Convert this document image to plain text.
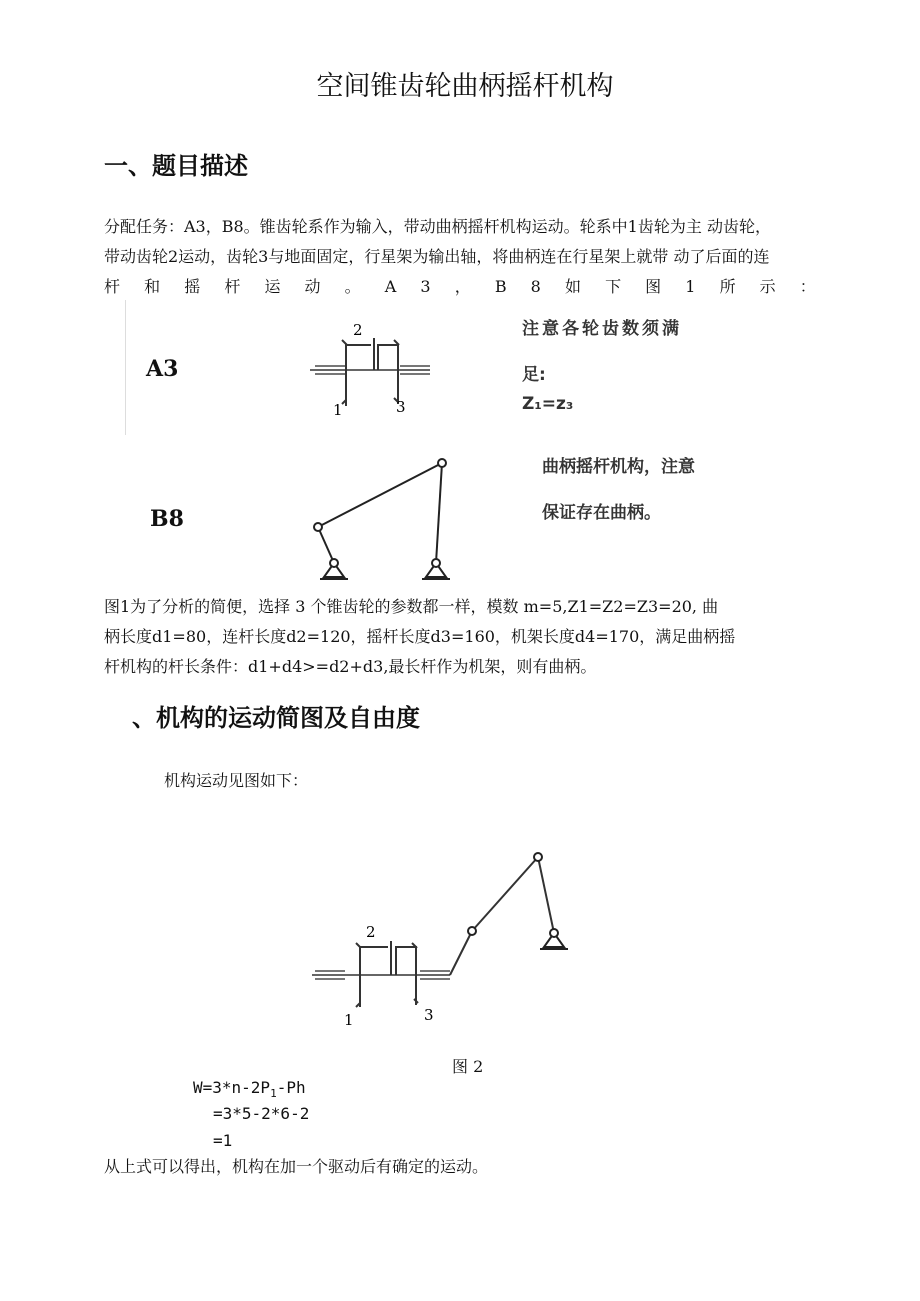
空间锥齿轮曲柄摇杆机构
一、题目描述
分配任务：A3，B8。锥齿轮系作为输入，带动曲柄摇杆机构运动。轮系中1齿轮为主 动齿轮，
带动齿轮2运动，齿轮3与地面固定，行星架为输出轴，将曲柄连在行星架上就带 动了后面的连
杆 和 摇 杆 运 动 。 A 3 ， B 8 如 下 图 1 所 示 ：
A3
B8
2
1	3
注意各轮齿数须满
足:
Z₁=z₃
曲柄摇杆机构，注意
保证存在曲柄。
图1为了分析的简便，选择 3 个锥齿轮的参数都一样，模数 m=5,Z1=Z2=Z3=20, 曲
柄长度d1=80，连杆长度d2=120，摇杆长度d3=160，机架长度d4=170，满足曲柄摇
杆机构的杆长条件：d1+d4>=d2+d3,最长杆作为机架，则有曲柄。
、机构的运动简图及自由度
机构运动见图如下：
2
1	3
图 2
$W=3*n-2P_1-Ph$
=3*5-2*6-2
=1
从上式可以得出，机构在加一个驱动后有确定的运动。
